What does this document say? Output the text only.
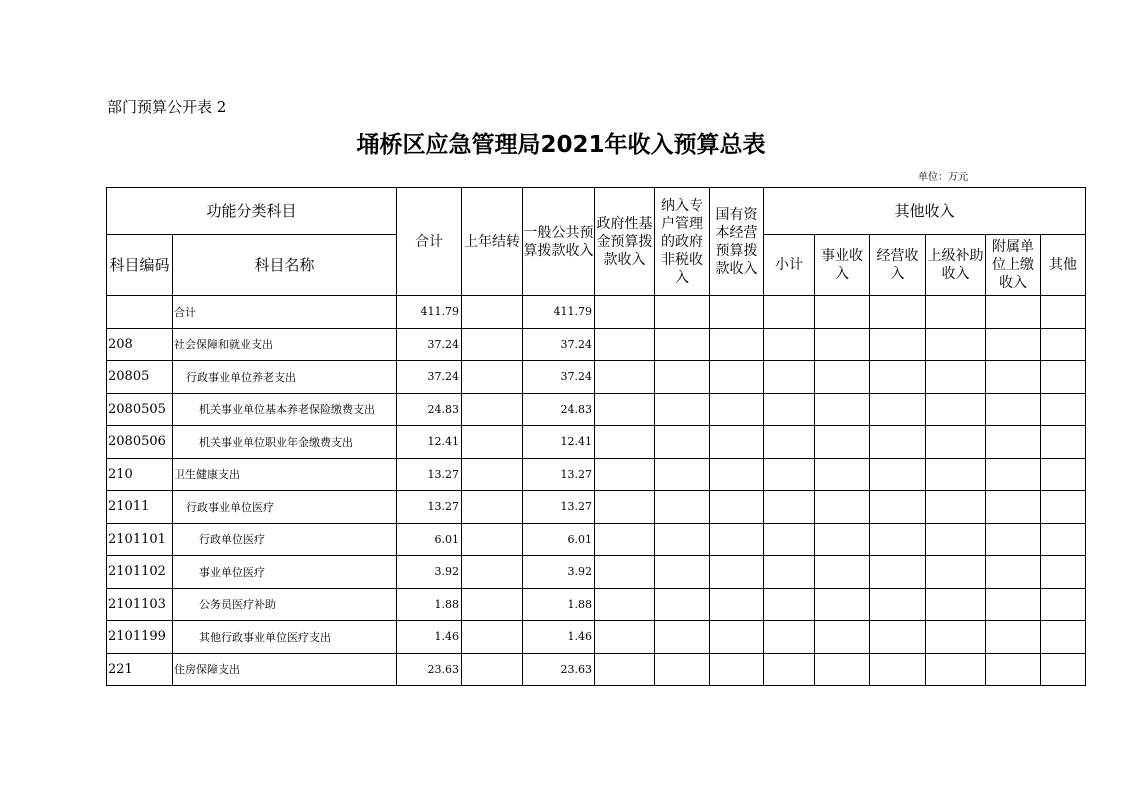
部门预算公开表 2
埇桥区应急管理局2021年收入预算总表
单位：万元
功能分类科目		合计	上年结转	一般公共预算拨款收入	政府性基金预算拨款收入	纳入专户管理的政府非税收入	国有资本经营预算拨款收入	其他收入					
科目编码	科目名称							小计	事业收入	经营收入	上级补助收入	附属单位上缴收入	其他
	合计	411.79		411.79									
208	社会保障和就业支出	37.24		37.24									
20805	行政事业单位养老支出	37.24		37.24									
2080505	机关事业单位基本养老保险缴费支出	24.83		24.83									
2080506	机关事业单位职业年金缴费支出	12.41		12.41									
210	卫生健康支出	13.27		13.27									
21011	行政事业单位医疗	13.27		13.27									
2101101	行政单位医疗	6.01		6.01									
2101102	事业单位医疗	3.92		3.92									
2101103	公务员医疗补助	1.88		1.88									
2101199	其他行政事业单位医疗支出	1.46		1.46									
221	住房保障支出	23.63		23.63									
